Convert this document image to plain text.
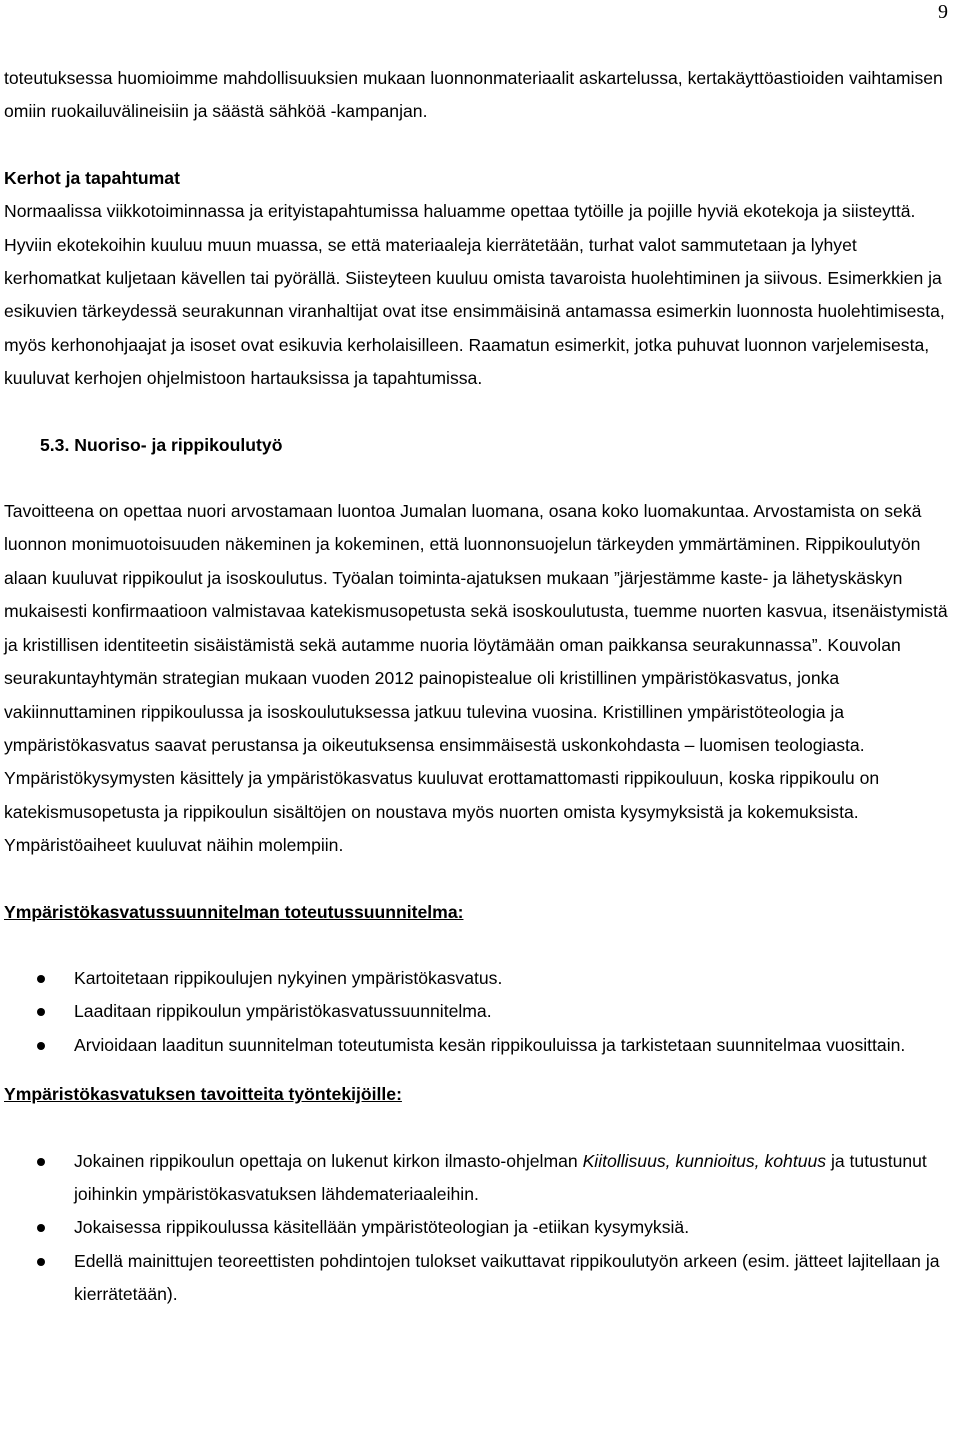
9

toteutuksessa huomioimme mahdollisuuksien mukaan luonnonmateriaalit askartelussa, kertakäyttöastioiden vaihtamisen omiin ruokailuvälineisiin ja säästä sähköä -kampanjan.

Kerhot ja tapahtumat

Normaalissa viikkotoiminnassa ja erityistapahtumissa haluamme opettaa tytöille ja pojille hyviä ekotekoja ja siisteyttä. Hyviin ekotekoihin kuuluu muun muassa, se että materiaaleja kierrätetään, turhat valot sammutetaan ja lyhyet kerhomatkat kuljetaan kävellen tai pyörällä. Siisteyteen kuuluu omista tavaroista huolehtiminen ja siivous. Esimerkkien ja esikuvien tärkeydessä seurakunnan viranhaltijat ovat itse ensimmäisinä antamassa esimerkin luonnosta huolehtimisesta, myös kerhonohjaajat ja isoset ovat esikuvia kerholaisilleen. Raamatun esimerkit, jotka puhuvat luonnon varjelemisesta, kuuluvat kerhojen ohjelmistoon hartauksissa ja tapahtumissa.

5.3. Nuoriso- ja rippikoulutyö

Tavoitteena on opettaa nuori arvostamaan luontoa Jumalan luomana, osana koko luomakuntaa. Arvostamista on sekä luonnon monimuotoisuuden näkeminen ja kokeminen, että luonnonsuojelun tärkeyden ymmärtäminen. Rippikoulutyön alaan kuuluvat rippikoulut ja isoskoulutus. Työalan toiminta-ajatuksen mukaan ”järjestämme kaste- ja lähetyskäskyn mukaisesti konfirmaatioon valmistavaa katekismusopetusta sekä isoskoulutusta, tuemme nuorten kasvua, itsenäistymistä ja kristillisen identiteetin sisäistämistä sekä autamme nuoria löytämään oman paikkansa seurakunnassa”. Kouvolan seurakuntayhtymän strategian mukaan vuoden 2012 painopistealue oli kristillinen ympäristökasvatus, jonka vakiinnuttaminen rippikoulussa ja isoskoulutuksessa jatkuu tulevina vuosina. Kristillinen ympäristöteologia ja ympäristökasvatus saavat perustansa ja oikeutuksensa ensimmäisestä uskonkohdasta – luomisen teologiasta. Ympäristökysymysten käsittely ja ympäristökasvatus kuuluvat erottamattomasti rippikouluun, koska rippikoulu on katekismusopetusta ja rippikoulun sisältöjen on noustava myös nuorten omista kysymyksistä ja kokemuksista. Ympäristöaiheet kuuluvat näihin molempiin.

Ympäristökasvatussuunnitelman toteutussuunnitelma:

Kartoitetaan rippikoulujen nykyinen ympäristökasvatus.
Laaditaan rippikoulun ympäristökasvatussuunnitelma.
Arvioidaan laaditun suunnitelman toteutumista kesän rippikouluissa ja tarkistetaan suunnitelmaa vuosittain.

Ympäristökasvatuksen tavoitteita työntekijöille:

Jokainen rippikoulun opettaja on lukenut kirkon ilmasto-ohjelman Kiitollisuus, kunnioitus, kohtuus ja tutustunut joihinkin ympäristökasvatuksen lähdemateriaaleihin.
Jokaisessa rippikoulussa käsitellään ympäristöteologian ja -etiikan kysymyksiä.
Edellä mainittujen teoreettisten pohdintojen tulokset vaikuttavat rippikoulutyön arkeen (esim. jätteet lajitellaan ja kierrätetään).
